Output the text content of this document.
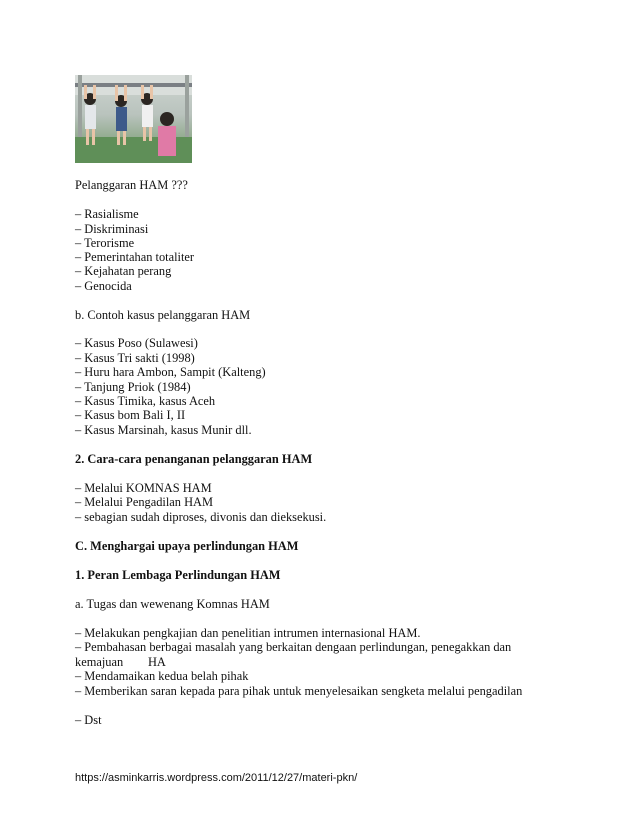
Pelanggaran HAM ???
– Rasialisme
– Diskriminasi
– Terorisme
– Pemerintahan totaliter
– Kejahatan perang
– Genocida
b. Contoh kasus pelanggaran HAM
– Kasus Poso (Sulawesi)
– Kasus Tri sakti (1998)
– Huru hara Ambon, Sampit (Kalteng)
– Tanjung Priok (1984)
– Kasus Timika, kasus Aceh
– Kasus bom Bali I, II
– Kasus Marsinah, kasus Munir dll.
2. Cara-cara penanganan pelanggaran HAM
– Melalui KOMNAS HAM
– Melalui Pengadilan HAM
– sebagian sudah diproses, divonis dan dieksekusi.
C. Menghargai upaya perlindungan HAM
1. Peran Lembaga Perlindungan HAM
a. Tugas dan wewenang Komnas HAM
– Melakukan pengkajian dan penelitian intrumen internasional HAM.
– Pembahasan berbagai masalah yang berkaitan dengaan perlindungan, penegakkan dan
kemajuan        HA
– Mendamaikan kedua belah pihak
– Memberikan saran kepada para pihak untuk menyelesaikan sengketa melalui pengadilan
– Dst
https://asminkarris.wordpress.com/2011/12/27/materi-pkn/
